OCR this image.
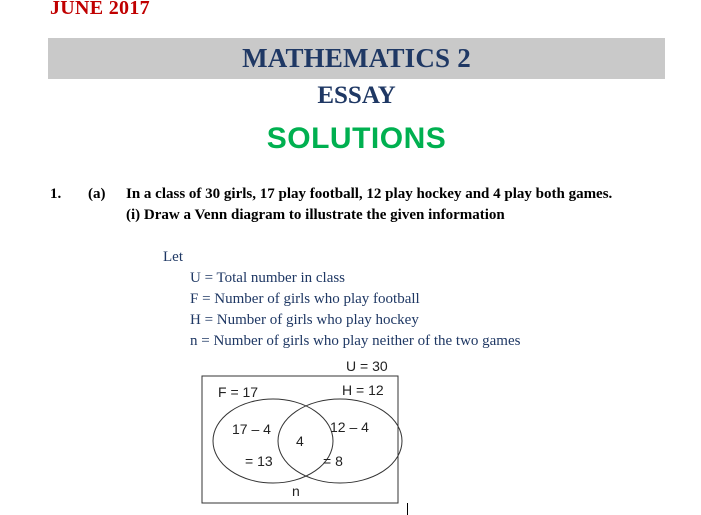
JUNE 2017
MATHEMATICS 2
ESSAY
SOLUTIONS
1. (a) In a class of 30 girls, 17 play football, 12 play hockey and 4 play both games.
(i) Draw a Venn diagram to illustrate the given information
Let
U = Total number in class
F = Number of girls who play football
H = Number of girls who play hockey
n = Number of girls who play neither of the two games
U = 30
F = 17	H = 12
17 – 4
= 13
4
12 – 4
= 8
n
